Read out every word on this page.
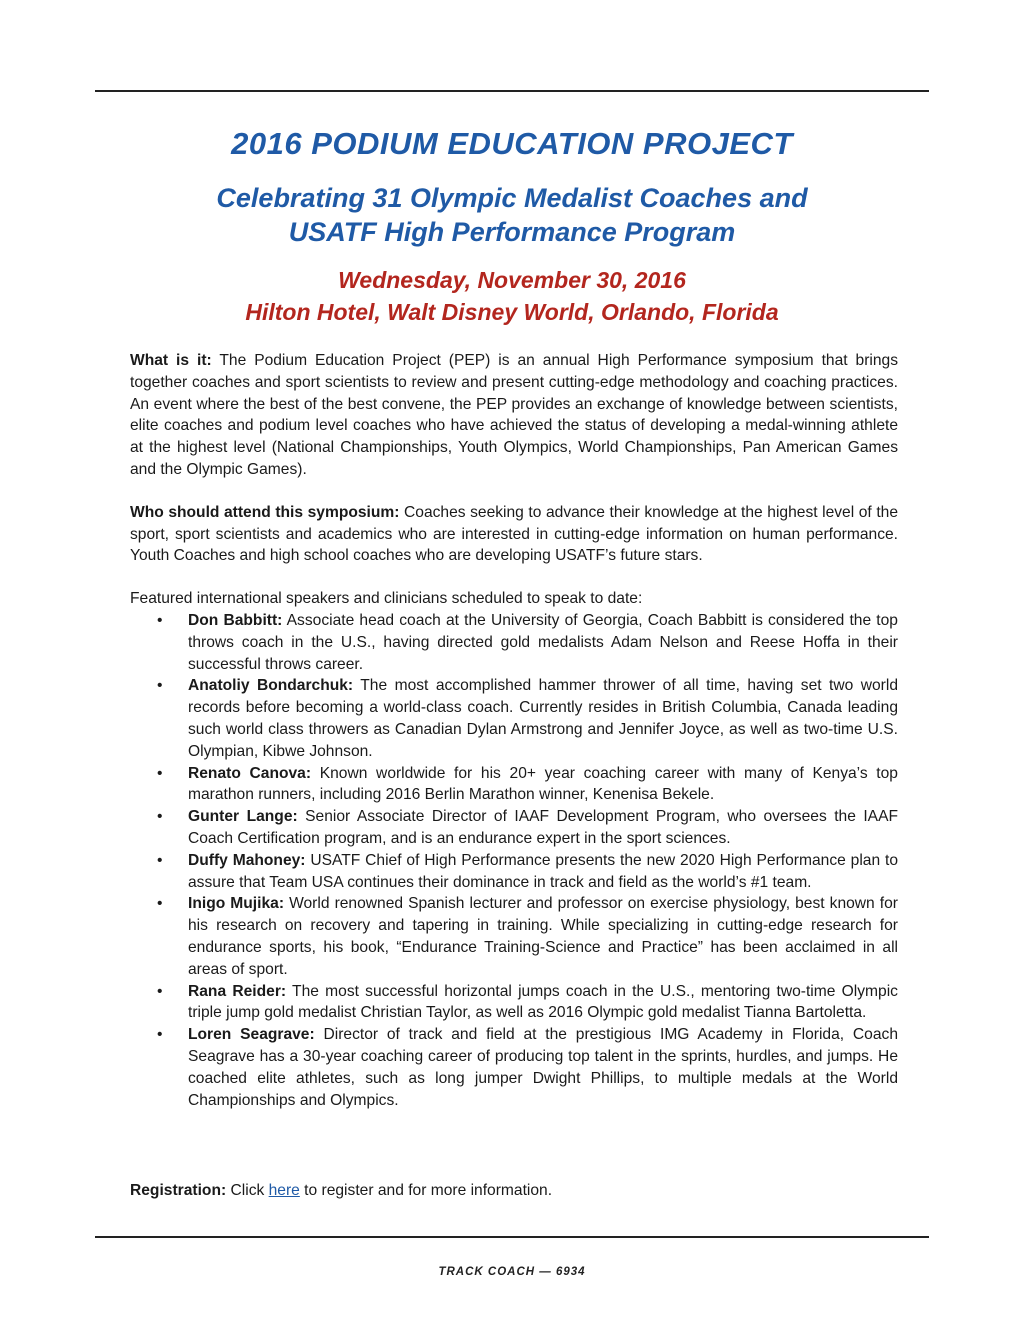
2016 PODIUM EDUCATION PROJECT
Celebrating 31 Olympic Medalist Coaches and
USATF High Performance Program
Wednesday, November 30, 2016
Hilton Hotel, Walt Disney World, Orlando, Florida

What is it: The Podium Education Project (PEP) is an annual High Performance symposium that brings together coaches and sport scientists to review and present cutting-edge methodology and coaching practices. An event where the best of the best convene, the PEP provides an exchange of knowledge between scientists, elite coaches and podium level coaches who have achieved the status of developing a medal-winning athlete at the highest level (National Championships, Youth Olympics, World Championships, Pan American Games and the Olympic Games).

Who should attend this symposium: Coaches seeking to advance their knowledge at the highest level of the sport, sport scientists and academics who are interested in cutting-edge information on human performance. Youth Coaches and high school coaches who are developing USATF’s future stars.

Featured international speakers and clinicians scheduled to speak to date:

• Don Babbitt: Associate head coach at the University of Georgia, Coach Babbitt is considered the top throws coach in the U.S., having directed gold medalists Adam Nelson and Reese Hoffa in their successful throws career.
• Anatoliy Bondarchuk: The most accomplished hammer thrower of all time, having set two world records before becoming a world-class coach. Currently resides in British Columbia, Canada leading such world class throwers as Canadian Dylan Armstrong and Jennifer Joyce, as well as two-time U.S. Olympian, Kibwe Johnson.
• Renato Canova: Known worldwide for his 20+ year coaching career with many of Kenya’s top marathon runners, including 2016 Berlin Marathon winner, Kenenisa Bekele.
• Gunter Lange: Senior Associate Director of IAAF Development Program, who oversees the IAAF Coach Certification program, and is an endurance expert in the sport sciences.
• Duffy Mahoney: USATF Chief of High Performance presents the new 2020 High Performance plan to assure that Team USA continues their dominance in track and field as the world’s #1 team.
• Inigo Mujika: World renowned Spanish lecturer and professor on exercise physiology, best known for his research on recovery and tapering in training. While specializing in cutting-edge research for endurance sports, his book, “Endurance Training-Science and Practice” has been acclaimed in all areas of sport.
• Rana Reider: The most successful horizontal jumps coach in the U.S., mentoring two-time Olympic triple jump gold medalist Christian Taylor, as well as 2016 Olympic gold medalist Tianna Bartoletta.
• Loren Seagrave: Director of track and field at the prestigious IMG Academy in Florida, Coach Seagrave has a 30-year coaching career of producing top talent in the sprints, hurdles, and jumps. He coached elite athletes, such as long jumper Dwight Phillips, to multiple medals at the World Championships and Olympics.
Registration: Click here to register and for more information.
TRACK COACH — 6934
